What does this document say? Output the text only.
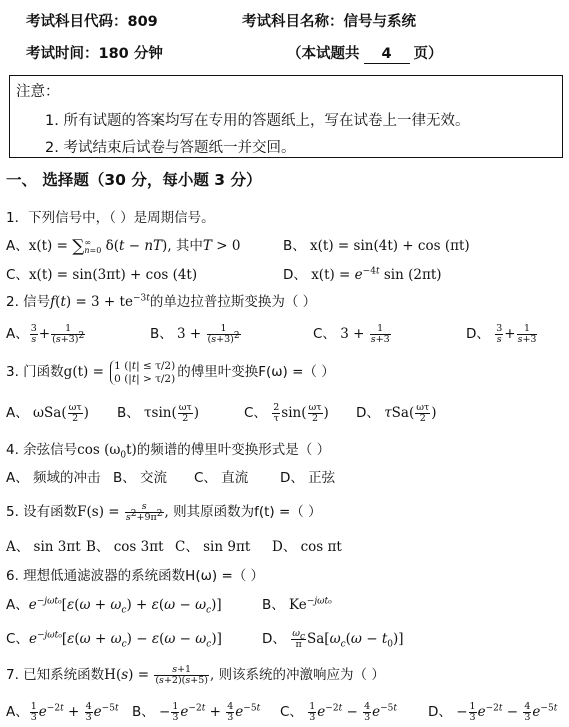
考试科目代码：809	考试科目名称：信号与系统
考试时间：180 分钟	（本试题共 4 页）
注意：
1. 所有试题的答案均写在专用的答题纸上，写在试卷上一律无效。
2. 考试结束后试卷与答题纸一并交回。
一、 选择题（30 分，每小题 3 分）
1．下列信号中，（ ）是周期信号。
A、x(t) = ∑ ∞
n=0 δ(t − nT), 其中T > 0	B、 x(t) = sin(4t) + cos (πt)
C、x(t) = sin(3πt) + cos (4t)	D、 $x(t) = e^{-4t}$ sin (2πt)
2. 信号$f(t) = 3 + te^{-3t}$的单边拉普拉斯变换为（ ）
A、 $\frac{3}{s} + \frac{1}{(s+3)^2}$	B、 $3 + \frac{1}{(s+3)^2}$	C、 $3 + \frac{1}{s+3}$	D、 $\frac{3}{s} + \frac{1}{s+3}$
3. 门函数g(t) = 1 (|t| ≤ τ/2)
0 (|t| > τ/2) 的傅里叶变换F(ω) =（ ）
A、 $\omega Sa( \frac{\omega\tau}{2}$ ) B、 $\tau\sin( \frac{\omega\tau}{2}$ )	C、 $\frac{2}{\tau} \sin( \frac{\omega\tau}{2}$ ) D、 $\tau Sa( \frac{\omega\tau}{2}$ )
4. 余弦信号$\cos (\omega_0t)$的频谱的傅里叶变换形式是（ ）
A、 频域的冲击 B、 交流 C、 直流 D、 正弦
5. 设有函数$F(s) = \frac{s}{s^2+9\pi^2}$ , 则其原函数为f(t) =（ ）
A、 sin 3πt B、 cos 3πt C、 sin 9πt D、 cos πt
6. 理想低通滤波器的系统函数H(ω) =（ ）
A、$e^{-j\omega t_0}[\varepsilon(\omega + \omega_c) + \varepsilon(\omega - \omega_c)]$	B、 $Ke^{-j\omega t_0}$
C、$e^{-j\omega t_0}[\varepsilon(\omega + \omega_c) - \varepsilon(\omega - \omega_c)]$	D、 $\frac{\omega_c}{\pi} Sa[\omega_c(\omega - t_0)]$
7. 已知系统函数$H(s) = \frac{s+1}{(s+2)(s+5)}$ , 则该系统的冲激响应为（ ）
A、 $\frac{1}{3} e^{-2t} + \frac{4}{3} e^{-5t}$ B、 − $\frac{1}{3} e^{-2t} + \frac{4}{3} e^{-5t}$ C、 $\frac{1}{3} e^{-2t} - \frac{4}{3} e^{-5t}$ D、 − $\frac{1}{3} e^{-2t} - \frac{4}{3} e^{-5t}$
